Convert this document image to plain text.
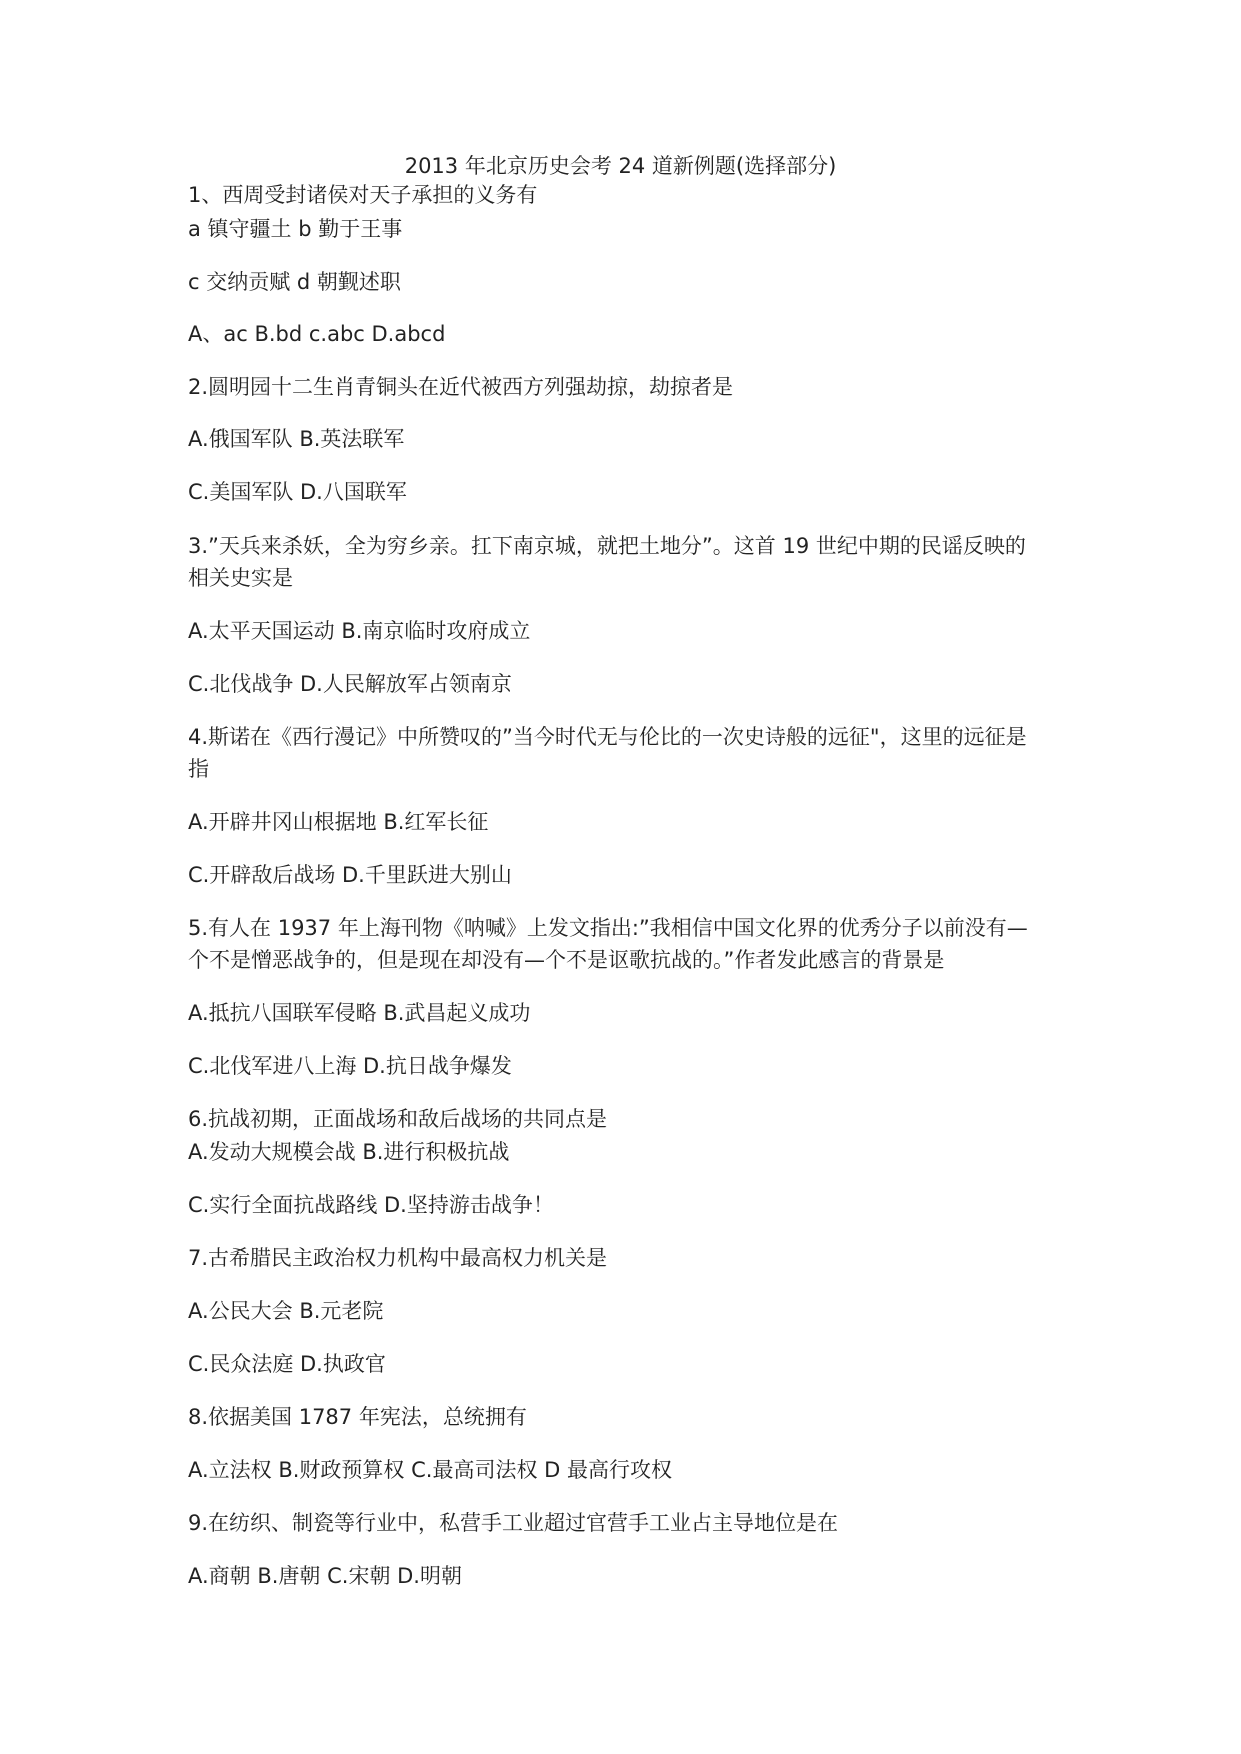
2013 年北京历史会考 24 道新例题(选择部分)
1、西周受封诸侯对天子承担的义务有
a 镇守疆土 b 勤于王事
c 交纳贡赋 d 朝觐述职
A、ac B.bd c.abc D.abcd
2.圆明园十二生肖青铜头在近代被西方列强劫掠，劫掠者是
A.俄国军队 B.英法联军
C.美国军队 D.八国联军
3.”天兵来杀妖，全为穷乡亲。扛下南京城，就把土地分”。这首 19 世纪中期的民谣反映的
相关史实是
A.太平天国运动 B.南京临时攻府成立
C.北伐战争 D.人民解放军占领南京
4.斯诺在《西行漫记》中所赞叹的”当今时代无与伦比的一次史诗般的远征"，这里的远征是
指
A.开辟井冈山根据地 B.红军长征
C.开辟敌后战场 D.千里跃进大别山
5.有人在 1937 年上海刊物《呐喊》上发文指出:”我相信中国文化界的优秀分子以前没有—
个不是憎恶战争的，但是现在却没有—个不是讴歌抗战的。”作者发此感言的背景是
A.抵抗八国联军侵略 B.武昌起义成功
C.北伐军进八上海 D.抗日战争爆发
6.抗战初期，正面战场和敌后战场的共同点是
A.发动大规模会战 B.进行积极抗战
C.实行全面抗战路线 D.坚持游击战争！
7.古希腊民主政治权力机构中最高权力机关是
A.公民大会 B.元老院
C.民众法庭 D.执政官
8.依据美国 1787 年宪法，总统拥有
A.立法权 B.财政预算权 C.最高司法权 D 最高行攻权
9.在纺织、制瓷等行业中，私营手工业超过官营手工业占主导地位是在
A.商朝 B.唐朝 C.宋朝 D.明朝
